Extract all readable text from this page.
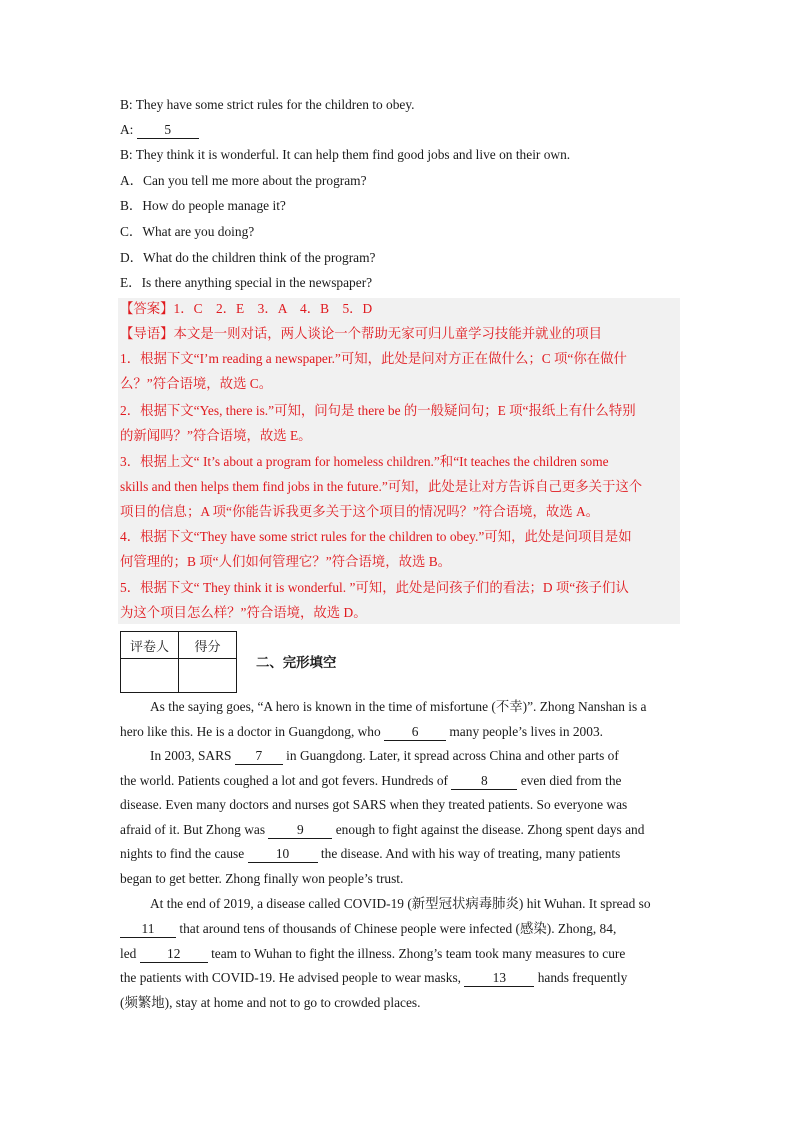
B: They have some strict rules for the children to obey.
A: 5
B: They think it is wonderful. It can help them find good jobs and live on their own.
A．Can you tell me more about the program?
B．How do people manage it?
C．What are you doing?
D．What do the children think of the program?
E．Is there anything special in the newspaper?
【答案】1．C　2．E　3．A　4．B　5．D
【导语】本文是一则对话，两人谈论一个帮助无家可归儿童学习技能并就业的项目
1．根据下文“I’m reading a newspaper.”可知，此处是问对方正在做什么；C 项“你在做什
么？”符合语境，故选 C。
2．根据下文“Yes, there is.”可知，问句是 there be 的一般疑问句；E 项“报纸上有什么特别
的新闻吗？”符合语境，故选 E。
3．根据上文“ It’s about a program for homeless children.”和“It teaches the children some
skills and then helps them find jobs in the future.”可知，此处是让对方告诉自己更多关于这个
项目的信息；A 项“你能告诉我更多关于这个项目的情况吗？”符合语境，故选 A。
4．根据下文“They have some strict rules for the children to obey.”可知，此处是问项目是如
何管理的；B 项“人们如何管理它？”符合语境，故选 B。
5．根据下文“ They think it is wonderful. ”可知，此处是问孩子们的看法；D 项“孩子们认
为这个项目怎么样？”符合语境，故选 D。
评卷人	得分

二、完形填空
As the saying goes, “A hero is known in the time of misfortune (不幸)”. Zhong Nanshan is a
hero like this. He is a doctor in Guangdong, who 6 many people’s lives in 2003.
In 2003, SARS 7 in Guangdong. Later, it spread across China and other parts of
the world. Patients coughed a lot and got fevers. Hundreds of 8 even died from the
disease. Even many doctors and nurses got SARS when they treated patients. So everyone was
afraid of it. But Zhong was 9 enough to fight against the disease. Zhong spent days and
nights to find the cause 10 the disease. And with his way of treating, many patients
began to get better. Zhong finally won people’s trust.
At the end of 2019, a disease called COVID-19 (新型冠状病毒肺炎) hit Wuhan. It spread so
11 that around tens of thousands of Chinese people were infected (感染). Zhong, 84,
led 12 team to Wuhan to fight the illness. Zhong’s team took many measures to cure
the patients with COVID-19. He advised people to wear masks, 13 hands frequently
(频繁地), stay at home and not to go to crowded places.
